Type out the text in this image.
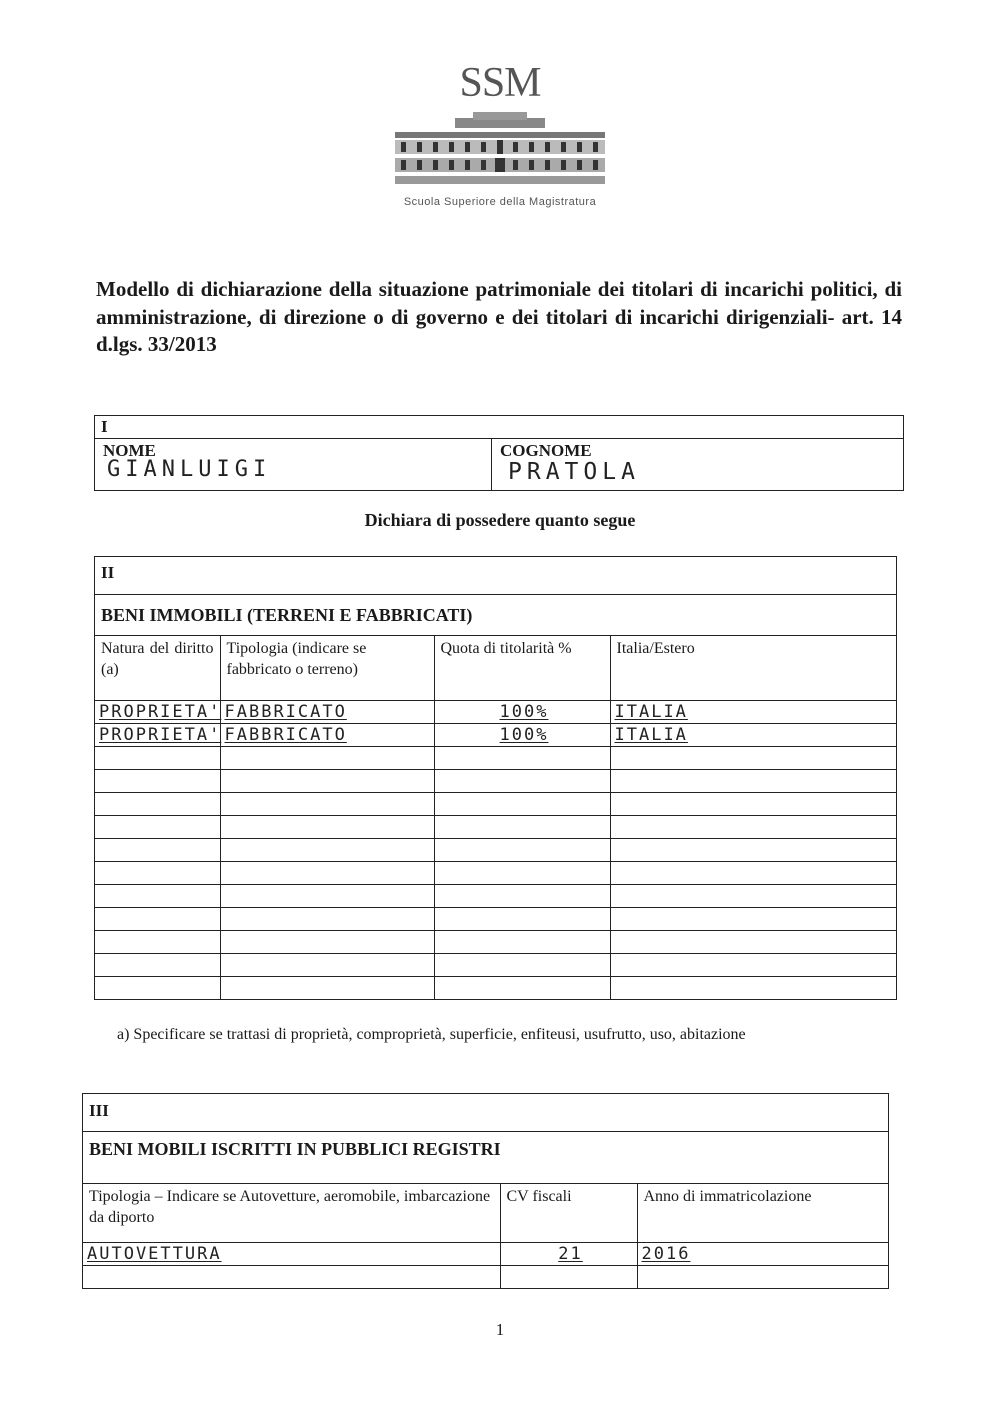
SSM
Scuola Superiore della Magistratura
Modello di dichiarazione della situazione patrimoniale dei titolari di incarichi politici, di amministrazione, di direzione o di governo e dei titolari di incarichi dirigenziali- art. 14 d.lgs. 33/2013
I
NOME
GIANLUIGI
COGNOME
PRATOLA
Dichiara di possedere quanto segue
II
BENI IMMOBILI (TERRENI E FABBRICATI)
Natura del diritto (a)	Tipologia (indicare se fabbricato o terreno)	Quota di titolarità %	Italia/Estero

PROPRIETA'	FABBRICATO	100%	ITALIA

PROPRIETA'	FABBRICATO	100%	ITALIA

a) Specificare se trattasi di proprietà, comproprietà, superficie, enfiteusi, usufrutto, uso, abitazione
III
BENI MOBILI ISCRITTI IN PUBBLICI REGISTRI
Tipologia – Indicare se Autovetture, aeromobile, imbarcazione da diporto	CV fiscali	Anno di immatricolazione

AUTOVETTURA	21	2016

1
